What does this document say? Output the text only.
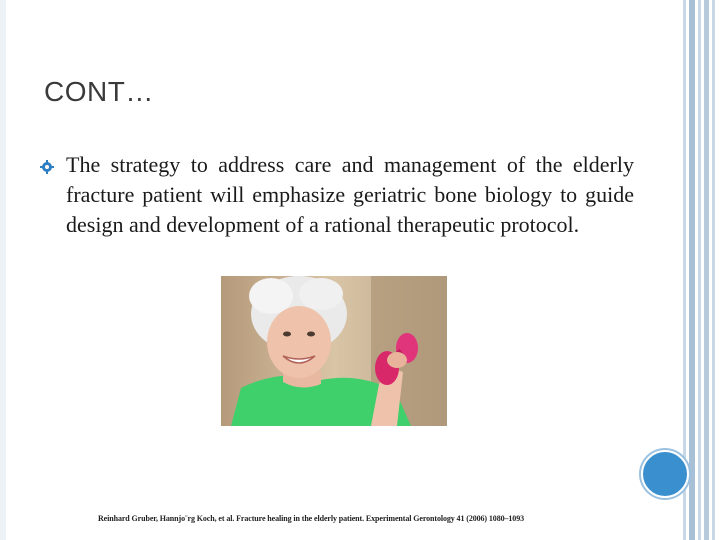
CONT…
The strategy to address care and management of the elderly fracture patient will emphasize geriatric bone biology to guide design and development of a rational therapeutic protocol.
Reinhard Gruber, Hannjo¨rg Koch, et al. Fracture healing in the elderly patient. Experimental Gerontology 41 (2006) 1080–1093
